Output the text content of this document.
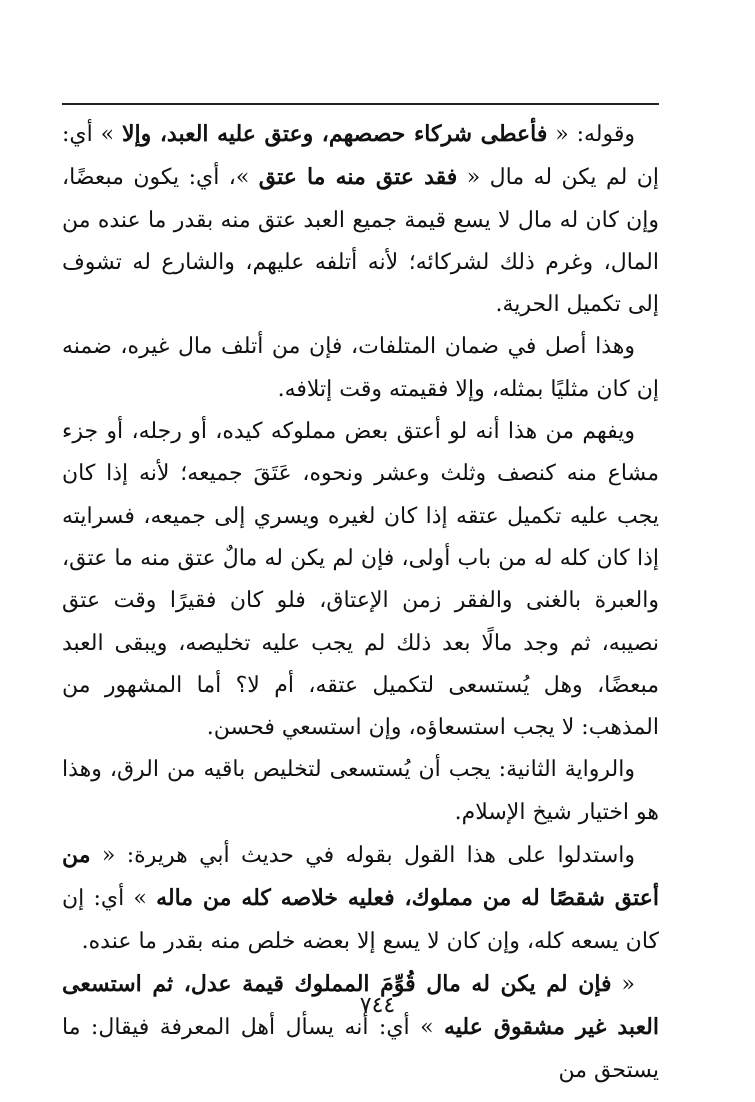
وقوله: « فأعطى شركاء حصصهم، وعتق عليه العبد، وإلا » أي: إن لم يكن له مال « فقد عتق منه ما عتق »، أي: يكون مبعضًا، وإن كان له مال لا يسع قيمة جميع العبد عتق منه بقدر ما عنده من المال، وغرم ذلك لشركائه؛ لأنه أتلفه عليهم، والشارع له تشوف إلى تكميل الحرية.

وهذا أصل في ضمان المتلفات، فإن من أتلف مال غيره، ضمنه إن كان مثليًا بمثله، وإلا فقيمته وقت إتلافه.

ويفهم من هذا أنه لو أعتق بعض مملوكه كيده، أو رجله، أو جزء مشاع منه كنصف وثلث وعشر ونحوه، عَتَقَ جميعه؛ لأنه إذا كان يجب عليه تكميل عتقه إذا كان لغيره ويسري إلى جميعه، فسرايته إذا كان كله له من باب أولى، فإن لم يكن له مالٌ عتق منه ما عتق، والعبرة بالغنى والفقر زمن الإعتاق، فلو كان فقيرًا وقت عتق نصيبه، ثم وجد مالًا بعد ذلك لم يجب عليه تخليصه، ويبقى العبد مبعضًا، وهل يُستسعى لتكميل عتقه، أم لا؟ أما المشهور من المذهب: لا يجب استسعاؤه، وإن استسعي فحسن.

والرواية الثانية: يجب أن يُستسعى لتخليص باقيه من الرق، وهذا هو اختيار شيخ الإسلام.

واستدلوا على هذا القول بقوله في حديث أبي هريرة: « من أعتق شقصًا له من مملوك، فعليه خلاصه كله من ماله » أي: إن كان يسعه كله، وإن كان لا يسع إلا بعضه خلص منه بقدر ما عنده.

« فإن لم يكن له مال قُوِّمَ المملوك قيمة عدل، ثم استسعى العبد غير مشقوق عليه » أي: أنه يسأل أهل المعرفة فيقال: ما يستحق من

٧٤٤
